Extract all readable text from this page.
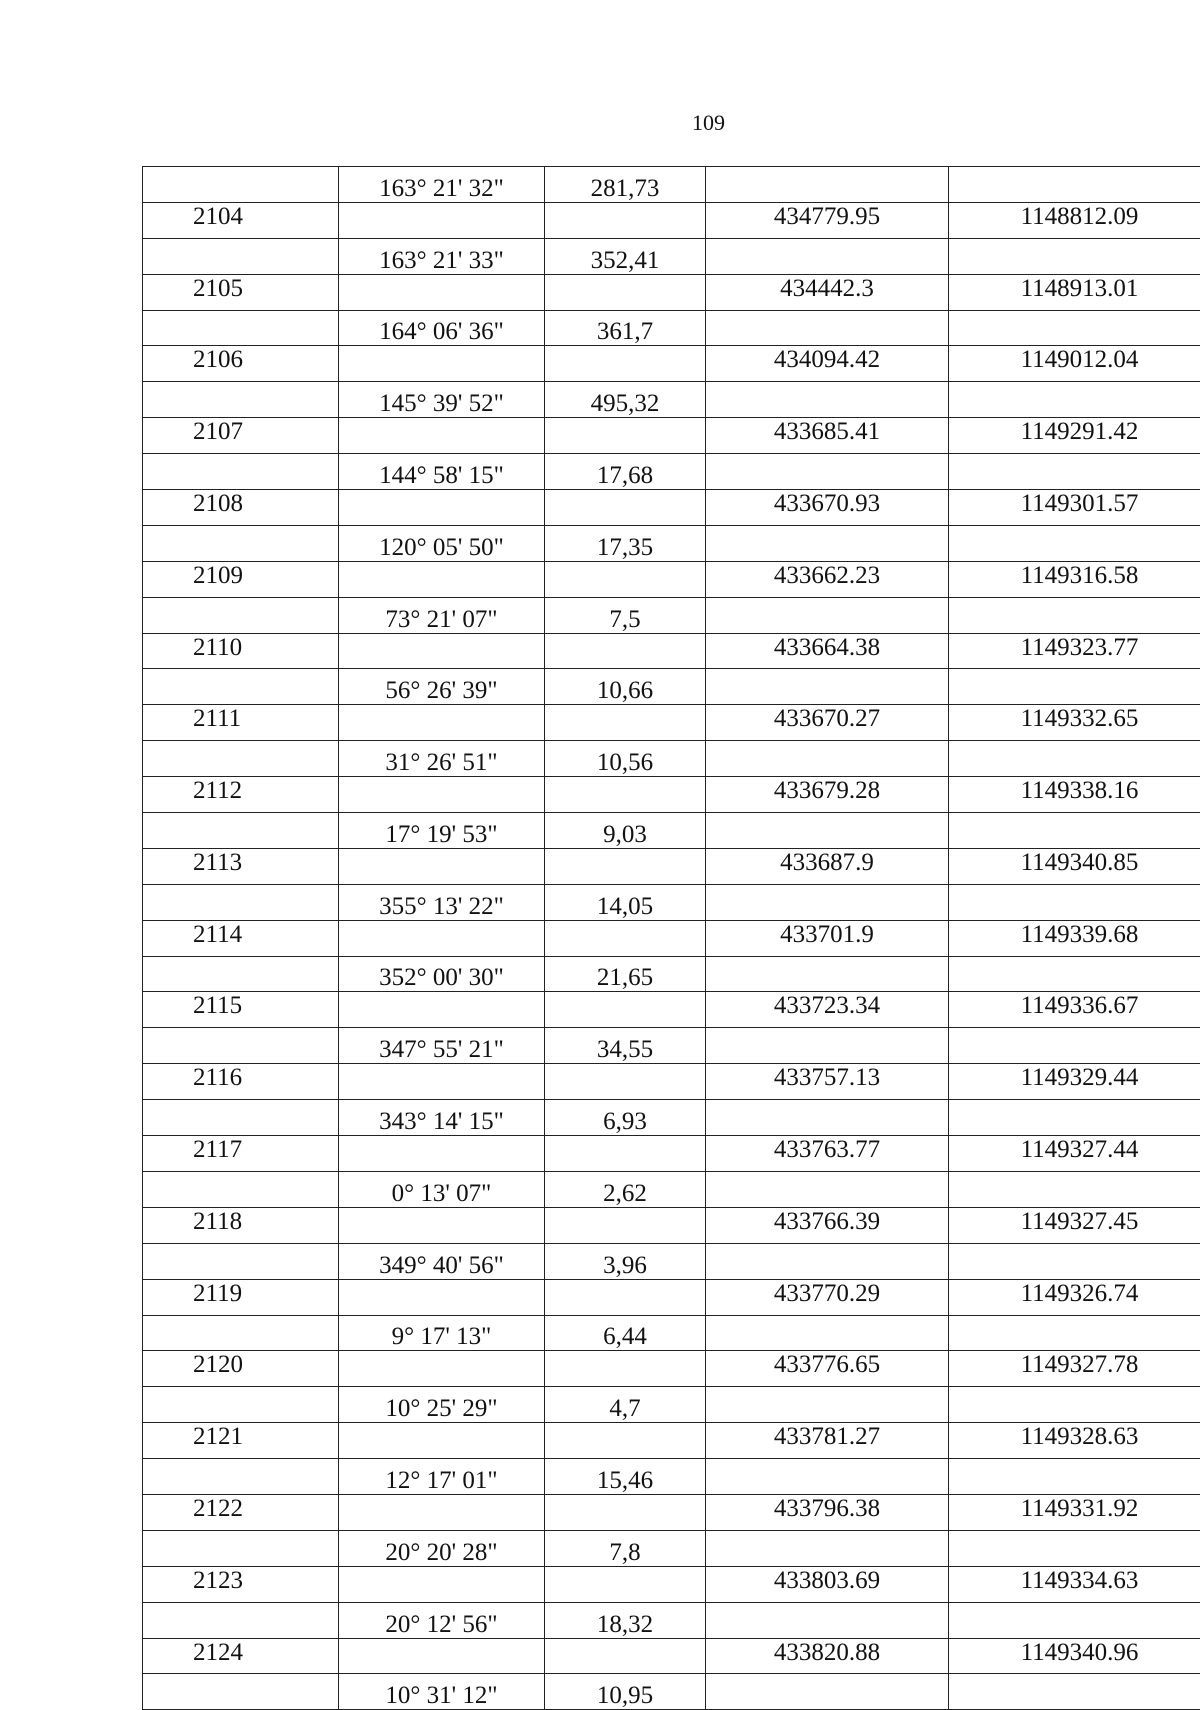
109
	163° 21' 32"	281,73		
2104			434779.95	1148812.09
	163° 21' 33"	352,41		
2105			434442.3	1148913.01
	164° 06' 36"	361,7		
2106			434094.42	1149012.04
	145° 39' 52"	495,32		
2107			433685.41	1149291.42
	144° 58' 15"	17,68		
2108			433670.93	1149301.57
	120° 05' 50"	17,35		
2109			433662.23	1149316.58
	73° 21' 07"	7,5		
2110			433664.38	1149323.77
	56° 26' 39"	10,66		
2111			433670.27	1149332.65
	31° 26' 51"	10,56		
2112			433679.28	1149338.16
	17° 19' 53"	9,03		
2113			433687.9	1149340.85
	355° 13' 22"	14,05		
2114			433701.9	1149339.68
	352° 00' 30"	21,65		
2115			433723.34	1149336.67
	347° 55' 21"	34,55		
2116			433757.13	1149329.44
	343° 14' 15"	6,93		
2117			433763.77	1149327.44
	0° 13' 07"	2,62		
2118			433766.39	1149327.45
	349° 40' 56"	3,96		
2119			433770.29	1149326.74
	9° 17' 13"	6,44		
2120			433776.65	1149327.78
	10° 25' 29"	4,7		
2121			433781.27	1149328.63
	12° 17' 01"	15,46		
2122			433796.38	1149331.92
	20° 20' 28"	7,8		
2123			433803.69	1149334.63
	20° 12' 56"	18,32		
2124			433820.88	1149340.96
	10° 31' 12"	10,95		
